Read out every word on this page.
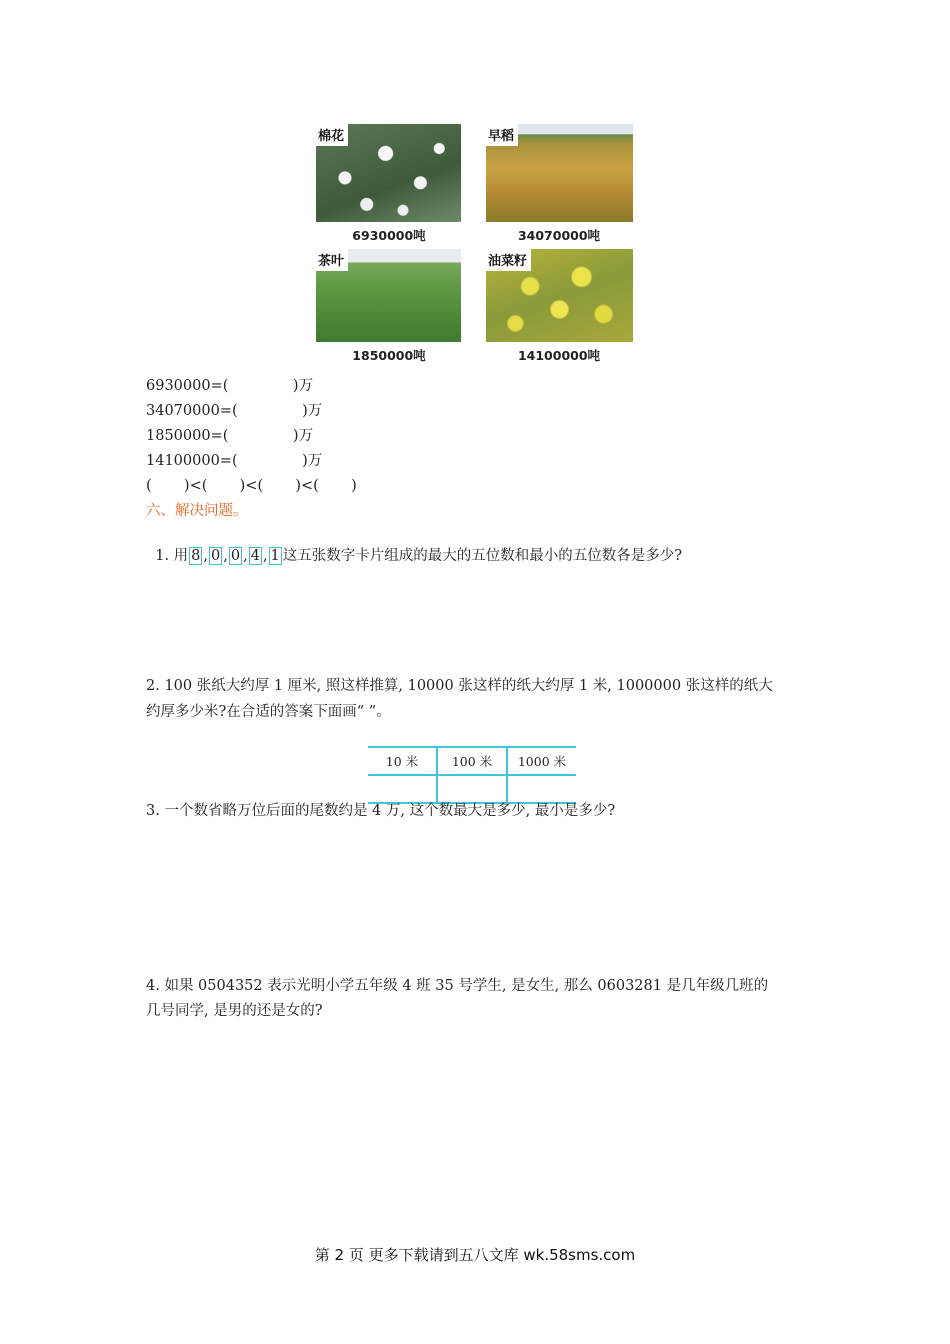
棉花
6930000吨
早稻
34070000吨
茶叶
1850000吨
油菜籽
14100000吨
6930000=(              )万
34070000=(              )万
1850000=(              )万
14100000=(              )万
(       )<(       )<(       )<(       )
六、解决问题。

1. 用 8 , 0 , 0 , 4 , 1 这五张数字卡片组成的最大的五位数和最小的五位数各是多少?

2. 100 张纸大约厚 1 厘米, 照这样推算, 10000 张这样的纸大约厚 1 米, 1000000 张这样的纸大
约厚多少米?在合适的答案下面画“ ”。
10 米	100 米	1000 米

3. 一个数省略万位后面的尾数约是 4 万, 这个数最大是多少, 最小是多少?
4. 如果 0504352 表示光明小学五年级 4 班 35 号学生, 是女生, 那么 0603281 是几年级几班的
几号同学, 是男的还是女的?
第 2 页 更多下载请到五八文库 wk.58sms.com
